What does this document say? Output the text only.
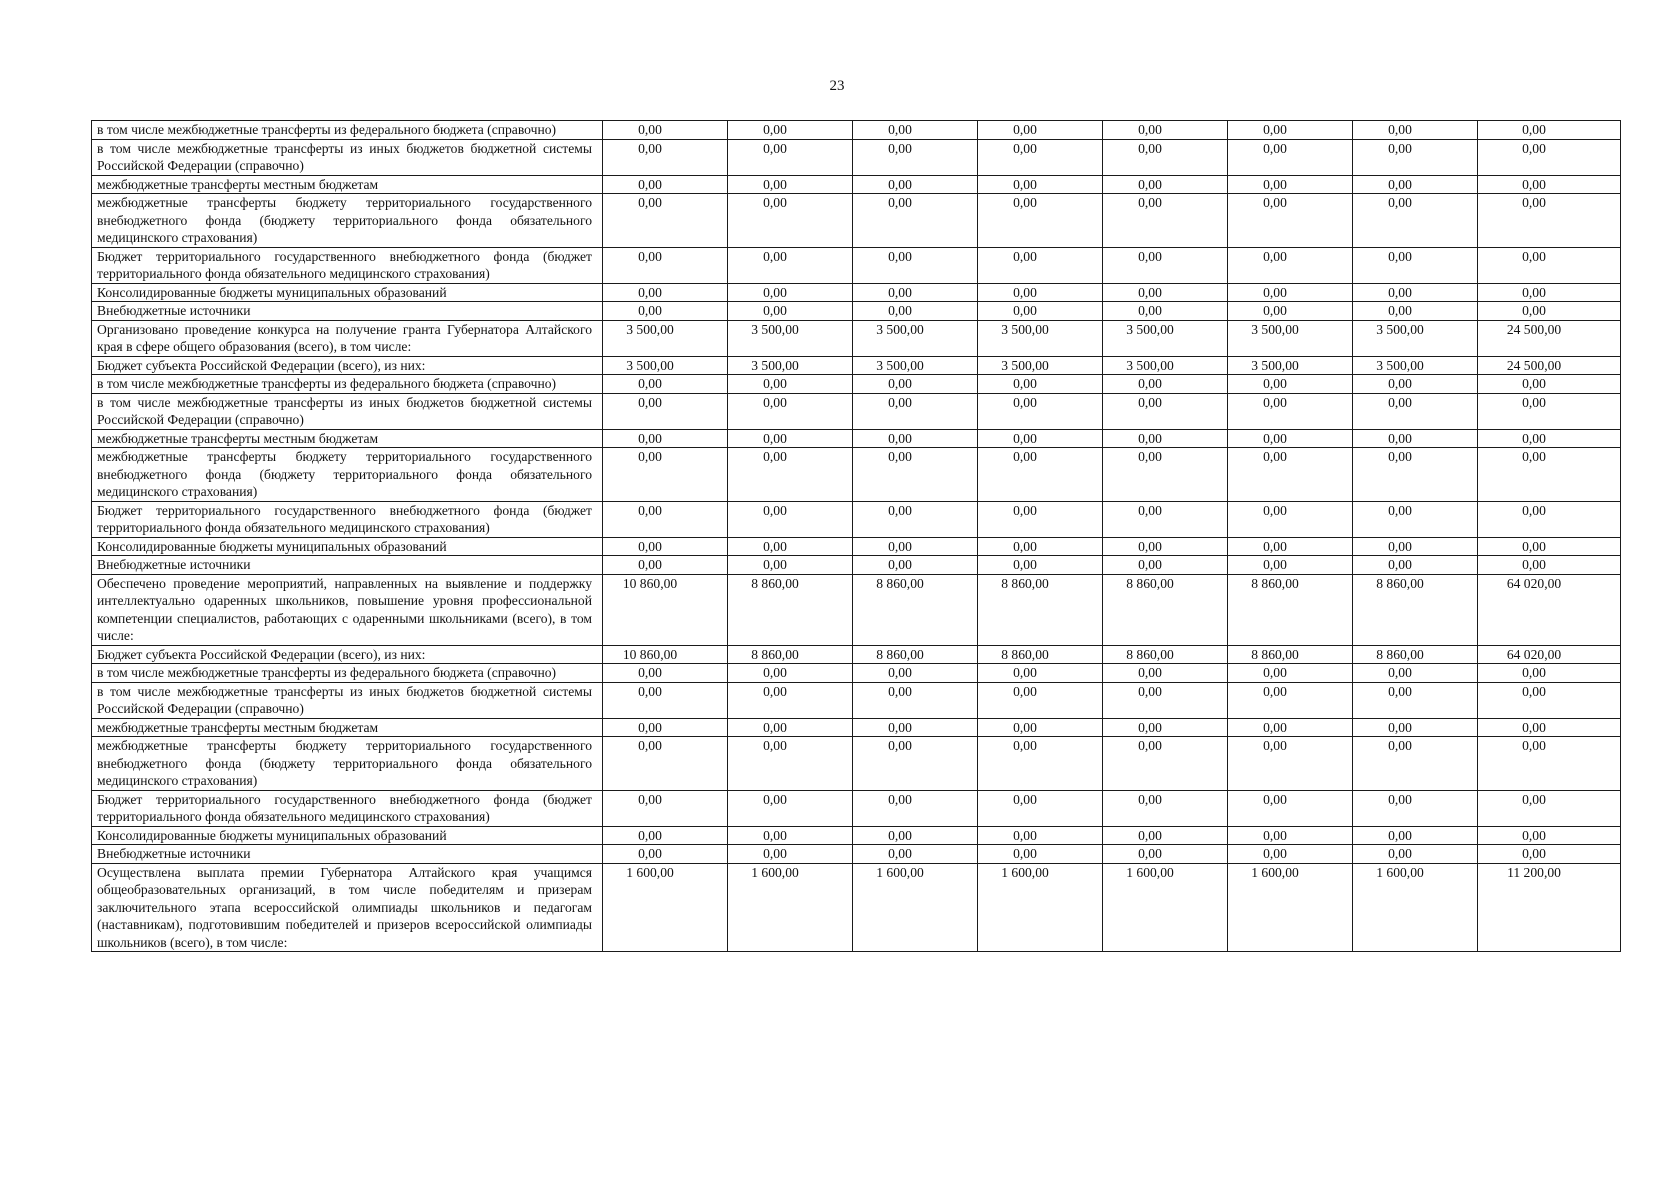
23
в том числе межбюджетные трансферты из федерального бюджета (справочно)	0,00	0,00	0,00	0,00	0,00	0,00	0,00	0,00
в том числе межбюджетные трансферты из иных бюджетов бюджетной системы Российской Федерации (справочно)	0,00	0,00	0,00	0,00	0,00	0,00	0,00	0,00
межбюджетные трансферты местным бюджетам	0,00	0,00	0,00	0,00	0,00	0,00	0,00	0,00
межбюджетные трансферты бюджету территориального государственного внебюджетного фонда (бюджету территориального фонда обязательного медицинского страхования)	0,00	0,00	0,00	0,00	0,00	0,00	0,00	0,00
Бюджет территориального государственного внебюджетного фонда (бюджет территориального фонда обязательного медицинского страхования)	0,00	0,00	0,00	0,00	0,00	0,00	0,00	0,00
Консолидированные бюджеты муниципальных образований	0,00	0,00	0,00	0,00	0,00	0,00	0,00	0,00
Внебюджетные источники	0,00	0,00	0,00	0,00	0,00	0,00	0,00	0,00
Организовано проведение конкурса на получение гранта Губернатора Алтайского края в сфере общего образования (всего), в том числе:	3 500,00	3 500,00	3 500,00	3 500,00	3 500,00	3 500,00	3 500,00	24 500,00
Бюджет субъекта Российской Федерации (всего), из них:	3 500,00	3 500,00	3 500,00	3 500,00	3 500,00	3 500,00	3 500,00	24 500,00
в том числе межбюджетные трансферты из федерального бюджета (справочно)	0,00	0,00	0,00	0,00	0,00	0,00	0,00	0,00
в том числе межбюджетные трансферты из иных бюджетов бюджетной системы Российской Федерации (справочно)	0,00	0,00	0,00	0,00	0,00	0,00	0,00	0,00
межбюджетные трансферты местным бюджетам	0,00	0,00	0,00	0,00	0,00	0,00	0,00	0,00
межбюджетные трансферты бюджету территориального государственного внебюджетного фонда (бюджету территориального фонда обязательного медицинского страхования)	0,00	0,00	0,00	0,00	0,00	0,00	0,00	0,00
Бюджет территориального государственного внебюджетного фонда (бюджет территориального фонда обязательного медицинского страхования)	0,00	0,00	0,00	0,00	0,00	0,00	0,00	0,00
Консолидированные бюджеты муниципальных образований	0,00	0,00	0,00	0,00	0,00	0,00	0,00	0,00
Внебюджетные источники	0,00	0,00	0,00	0,00	0,00	0,00	0,00	0,00
Обеспечено проведение мероприятий, направленных на выявление и поддержку интеллектуально одаренных школьников, повышение уровня профессиональной компетенции специалистов, работающих с одаренными школьниками (всего), в том числе:	10 860,00	8 860,00	8 860,00	8 860,00	8 860,00	8 860,00	8 860,00	64 020,00
Бюджет субъекта Российской Федерации (всего), из них:	10 860,00	8 860,00	8 860,00	8 860,00	8 860,00	8 860,00	8 860,00	64 020,00
в том числе межбюджетные трансферты из федерального бюджета (справочно)	0,00	0,00	0,00	0,00	0,00	0,00	0,00	0,00
в том числе межбюджетные трансферты из иных бюджетов бюджетной системы Российской Федерации (справочно)	0,00	0,00	0,00	0,00	0,00	0,00	0,00	0,00
межбюджетные трансферты местным бюджетам	0,00	0,00	0,00	0,00	0,00	0,00	0,00	0,00
межбюджетные трансферты бюджету территориального государственного внебюджетного фонда (бюджету территориального фонда обязательного медицинского страхования)	0,00	0,00	0,00	0,00	0,00	0,00	0,00	0,00
Бюджет территориального государственного внебюджетного фонда (бюджет территориального фонда обязательного медицинского страхования)	0,00	0,00	0,00	0,00	0,00	0,00	0,00	0,00
Консолидированные бюджеты муниципальных образований	0,00	0,00	0,00	0,00	0,00	0,00	0,00	0,00
Внебюджетные источники	0,00	0,00	0,00	0,00	0,00	0,00	0,00	0,00
Осуществлена выплата премии Губернатора Алтайского края учащимся общеобразовательных организаций, в том числе победителям и призерам заключительного этапа всероссийской олимпиады школьников и педагогам (наставникам), подготовившим победителей и призеров всероссийской олимпиады школьников (всего), в том числе:	1 600,00	1 600,00	1 600,00	1 600,00	1 600,00	1 600,00	1 600,00	11 200,00
